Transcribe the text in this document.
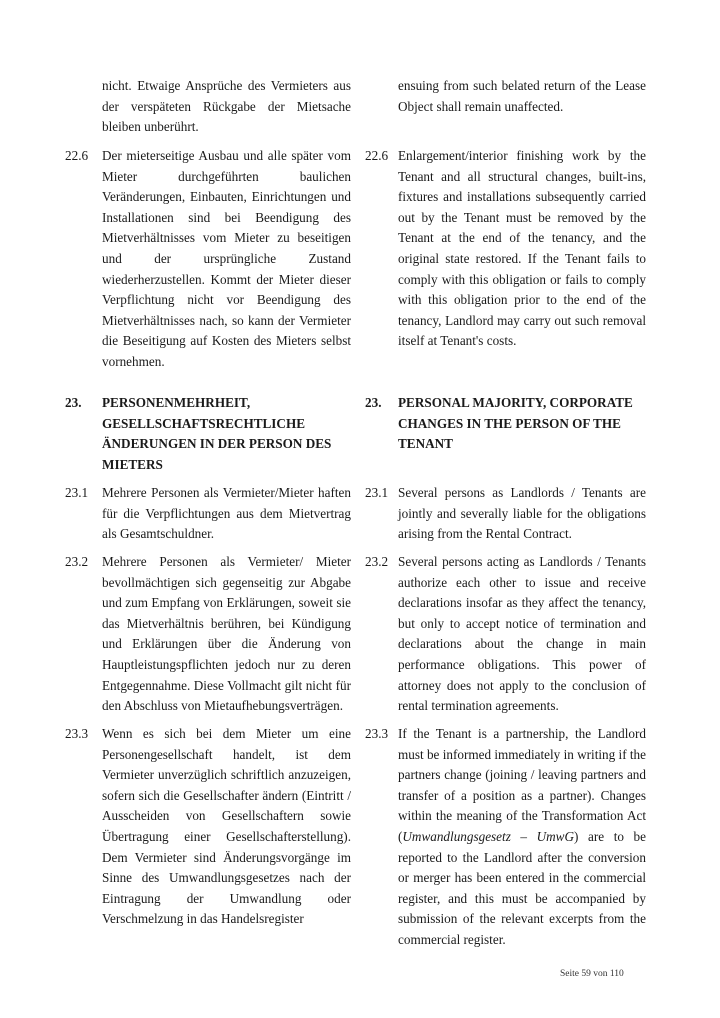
nicht. Etwaige Ansprüche des Vermieters aus der verspäteten Rückgabe der Mietsache bleiben unberührt.
ensuing from such belated return of the Lease Object shall remain unaffected.
22.6 Der mieterseitige Ausbau und alle später vom Mieter durchgeführten baulichen Veränderungen, Einbauten, Einrichtungen und Installationen sind bei Beendigung des Mietverhältnisses vom Mieter zu beseitigen und der ursprüngliche Zustand wiederherzustellen. Kommt der Mieter dieser Verpflichtung nicht vor Beendigung des Mietverhältnisses nach, so kann der Vermieter die Beseitigung auf Kosten des Mieters selbst vornehmen.
22.6 Enlargement/interior finishing work by the Tenant and all structural changes, built-ins, fixtures and installations subsequently carried out by the Tenant must be removed by the Tenant at the end of the tenancy, and the original state restored. If the Tenant fails to comply with this obligation or fails to comply with this obligation prior to the end of the tenancy, Landlord may carry out such removal itself at Tenant's costs.
23. PERSONENMEHRHEIT, GESELLSCHAFTSRECHTLICHE ÄNDERUNGEN IN DER PERSON DES MIETERS
23. PERSONAL MAJORITY, CORPORATE CHANGES IN THE PERSON OF THE TENANT
23.1 Mehrere Personen als Vermieter/Mieter haften für die Verpflichtungen aus dem Mietvertrag als Gesamtschuldner.
23.1 Several persons as Landlords / Tenants are jointly and severally liable for the obligations arising from the Rental Contract.
23.2 Mehrere Personen als Vermieter/ Mieter bevollmächtigen sich gegenseitig zur Abgabe und zum Empfang von Erklärungen, soweit sie das Mietverhältnis berühren, bei Kündigung und Erklärungen über die Änderung von Hauptleistungspflichten jedoch nur zu deren Entgegennahme. Diese Vollmacht gilt nicht für den Abschluss von Mietaufhebungsverträgen.
23.2 Several persons acting as Landlords / Tenants authorize each other to issue and receive declarations insofar as they affect the tenancy, but only to accept notice of termination and declarations about the change in main performance obligations. This power of attorney does not apply to the conclusion of rental termination agreements.
23.3 Wenn es sich bei dem Mieter um eine Personengesellschaft handelt, ist dem Vermieter unverzüglich schriftlich anzuzeigen, sofern sich die Gesellschafter ändern (Eintritt / Ausscheiden von Gesellschaftern sowie Übertragung einer Gesellschafterstellung). Dem Vermieter sind Änderungsvorgänge im Sinne des Umwandlungsgesetzes nach der Eintragung der Umwandlung oder Verschmelzung in das Handelsregister
23.3 If the Tenant is a partnership, the Landlord must be informed immediately in writing if the partners change (joining / leaving partners and transfer of a position as a partner). Changes within the meaning of the Transformation Act (Umwandlungsgesetz – UmwG) are to be reported to the Landlord after the conversion or merger has been entered in the commercial register, and this must be accompanied by submission of the relevant excerpts from the commercial register.
Seite 59 von 110
